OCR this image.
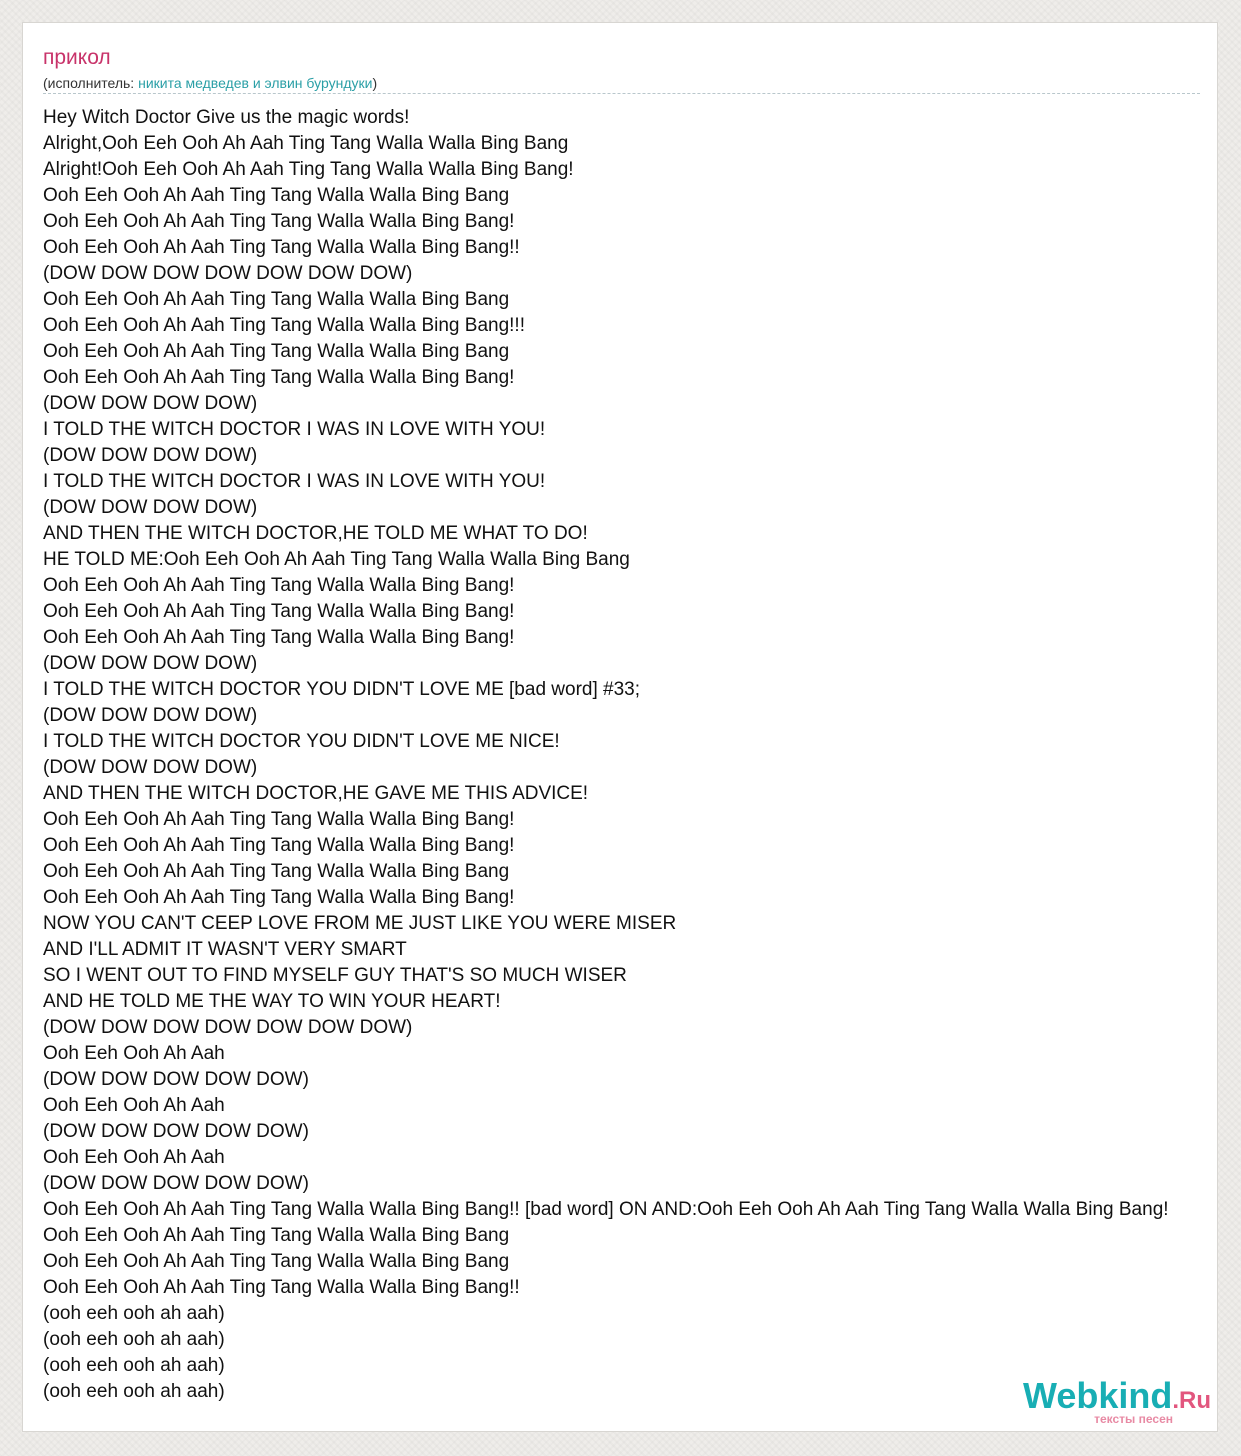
прикол
(исполнитель: никита медведев и элвин бурундуки)
Hey Witch Doctor Give us the magic words!
Alright,Ooh Eeh Ooh Ah Aah Ting Tang Walla Walla Bing Bang
Alright!Ooh Eeh Ooh Ah Aah Ting Tang Walla Walla Bing Bang!
Ooh Eeh Ooh Ah Aah Ting Tang Walla Walla Bing Bang
Ooh Eeh Ooh Ah Aah Ting Tang Walla Walla Bing Bang!
Ooh Eeh Ooh Ah Aah Ting Tang Walla Walla Bing Bang!!
(DOW DOW DOW DOW DOW DOW DOW)
Ooh Eeh Ooh Ah Aah Ting Tang Walla Walla Bing Bang
Ooh Eeh Ooh Ah Aah Ting Tang Walla Walla Bing Bang!!!
Ooh Eeh Ooh Ah Aah Ting Tang Walla Walla Bing Bang
Ooh Eeh Ooh Ah Aah Ting Tang Walla Walla Bing Bang!
(DOW DOW DOW DOW)
I TOLD THE WITCH DOCTOR I WAS IN LOVE WITH YOU!
(DOW DOW DOW DOW)
I TOLD THE WITCH DOCTOR I WAS IN LOVE WITH YOU!
(DOW DOW DOW DOW)
AND THEN THE WITCH DOCTOR,HE TOLD ME WHAT TO DO!
HE TOLD ME:Ooh Eeh Ooh Ah Aah Ting Tang Walla Walla Bing Bang
Ooh Eeh Ooh Ah Aah Ting Tang Walla Walla Bing Bang!
Ooh Eeh Ooh Ah Aah Ting Tang Walla Walla Bing Bang!
Ooh Eeh Ooh Ah Aah Ting Tang Walla Walla Bing Bang!
(DOW DOW DOW DOW)
I TOLD THE WITCH DOCTOR YOU DIDN'T LOVE ME [bad word] #33;
(DOW DOW DOW DOW)
I TOLD THE WITCH DOCTOR YOU DIDN'T LOVE ME NICE!
(DOW DOW DOW DOW)
AND THEN THE WITCH DOCTOR,HE GAVE ME THIS ADVICE!
Ooh Eeh Ooh Ah Aah Ting Tang Walla Walla Bing Bang!
Ooh Eeh Ooh Ah Aah Ting Tang Walla Walla Bing Bang!
Ooh Eeh Ooh Ah Aah Ting Tang Walla Walla Bing Bang
Ooh Eeh Ooh Ah Aah Ting Tang Walla Walla Bing Bang!
NOW YOU CAN'T CEEP LOVE FROM ME JUST LIKE YOU WERE MISER
AND I'LL ADMIT IT WASN'T VERY SMART
SO I WENT OUT TO FIND MYSELF GUY THAT'S SO MUCH WISER
AND HE TOLD ME THE WAY TO WIN YOUR HEART!
(DOW DOW DOW DOW DOW DOW DOW)
Ooh Eeh Ooh Ah Aah
(DOW DOW DOW DOW DOW)
Ooh Eeh Ooh Ah Aah
(DOW DOW DOW DOW DOW)
Ooh Eeh Ooh Ah Aah
(DOW DOW DOW DOW DOW)
Ooh Eeh Ooh Ah Aah Ting Tang Walla Walla Bing Bang!! [bad word] ON AND:Ooh Eeh Ooh Ah Aah Ting Tang Walla Walla Bing Bang!
Ooh Eeh Ooh Ah Aah Ting Tang Walla Walla Bing Bang
Ooh Eeh Ooh Ah Aah Ting Tang Walla Walla Bing Bang
Ooh Eeh Ooh Ah Aah Ting Tang Walla Walla Bing Bang!!
(ooh eeh ooh ah aah)
(ooh eeh ooh ah aah)
(ooh eeh ooh ah aah)
(ooh eeh ooh ah aah)	Webkind.Ru
тексты песен
